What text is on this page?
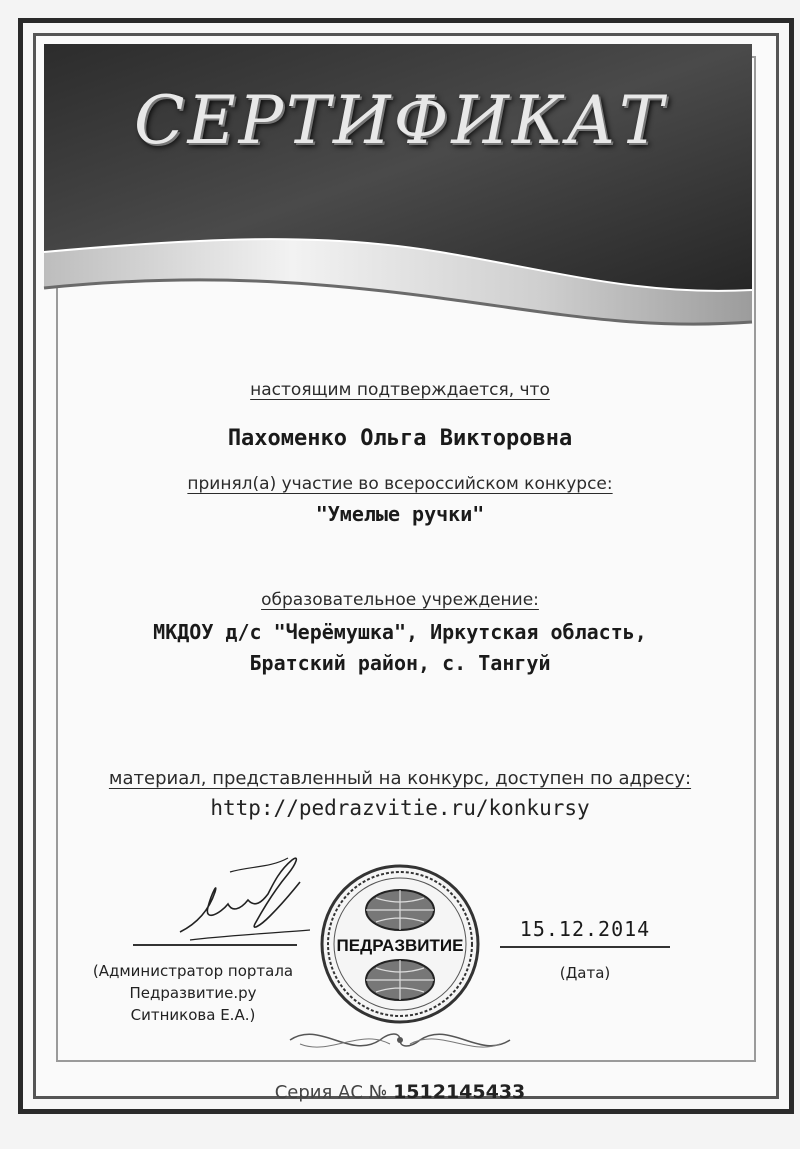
СЕРТИФИКАТ
настоящим подтверждается, что
Пахоменко Ольга Викторовна
принял(а) участие во всероссийском конкурсе:
"Умелые ручки"
образовательное учреждение:
МКДОУ д/с "Черёмушка", Иркутская область,
Братский район, с. Тангуй
материал, представленный на конкурс, доступен по адресу:
http://pedrazvitie.ru/konkursy
(Администратор портала
Педразвитие.ру
Ситникова Е.А.)
ПЕДРАЗВИТИЕ
15.12.2014
(Дата)
Серия АС № 1512145433
